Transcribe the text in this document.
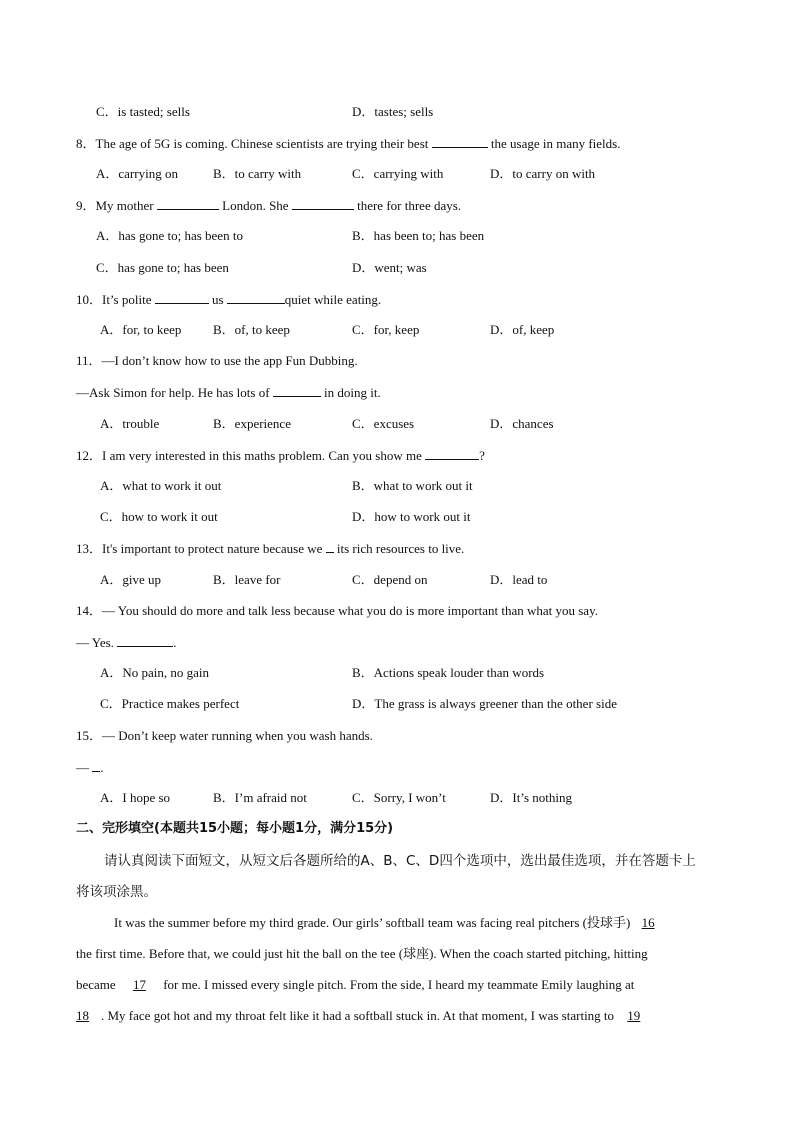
C．is tasted; sells	D．tastes; sells
8．The age of 5G is coming. Chinese scientists are trying their best	the usage in many fields.
A．carrying on	B．to carry with	C．carrying with	D．to carry on with
9．My mother	London. She	there for three days.
A．has gone to; has been to	B．has been to; has been
C．has gone to; has been	D．went; was
10．It’s polite	us	quiet while eating.
A．for, to keep B．of, to keep	C．for, keep	D．of, keep
11．—I don’t know how to use the app Fun Dubbing.
—Ask Simon for help. He has lots of	in doing it.
A．trouble	B．experience	C．excuses	D．chances
12．I am very interested in this maths problem. Can you show me	?
A．what to work it out	B．what to work out it
C．how to work it out	D．how to work out it
13．It's important to protect nature because we its rich resources to live.
A．give up	B．leave for	C．depend on	D．lead to
14．— You should do more and talk less because what you do is more important than what you say.
— Yes.	.
A．No pain, no gain	B．Actions speak louder than words
C．Practice makes perfect	D．The grass is always greener than the other side
15．— Don’t keep water running when you wash hands.
— .
A．I hope so	B．I’m afraid not	C．Sorry, I won’t	D．It’s nothing
二、完形填空(本题共15小题；每小题1分，满分15分)
请认真阅读下面短文，从短文后各题所给的A、B、C、D四个选项中，选出最佳选项，并在答题卡上
将该项涂黑。
It was the summer before my third grade. Our girls’ softball team was facing real pitchers (投球手) 16
the first time. Before that, we could just hit the ball on the tee (球座). When the coach started pitching, hitting
became 17 for me. I missed every single pitch. From the side, I heard my teammate Emily laughing at
18 . My face got hot and my throat felt like it had a softball stuck in. At that moment, I was starting to 19
